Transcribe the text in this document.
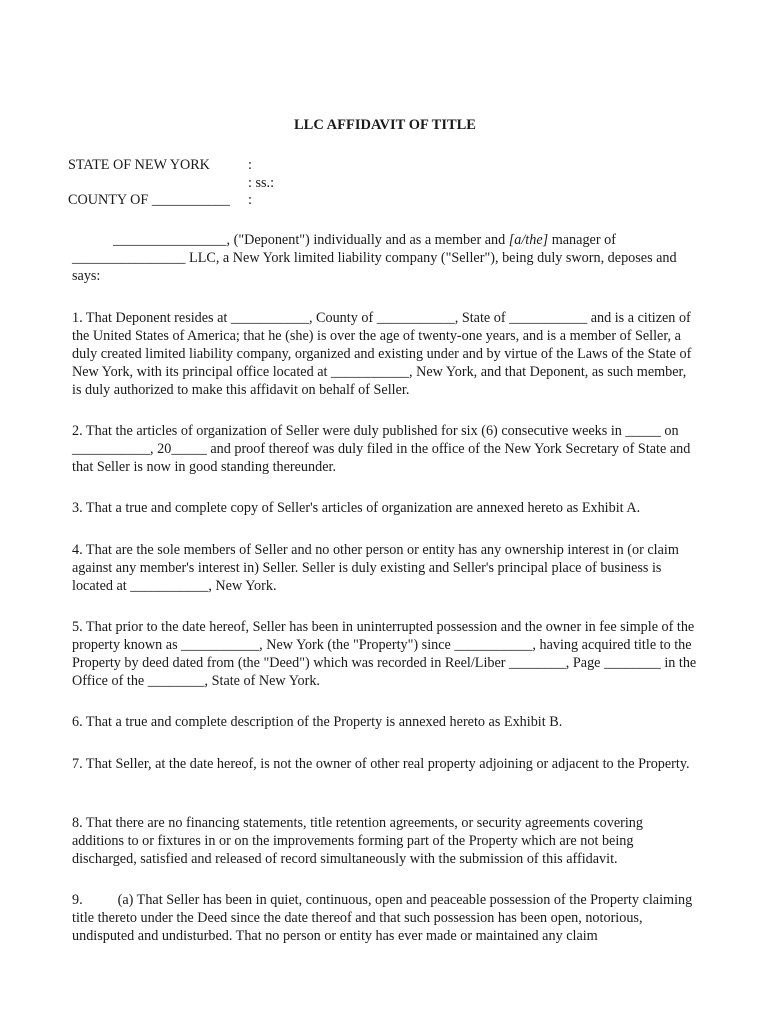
LLC AFFIDAVIT OF TITLE
STATE OF NEW YORK	:
: ss.:
COUNTY OF ___________ :

________________, ("Deponent") individually and as a member and [a/the] manager of ________________ LLC, a New York limited liability company ("Seller"), being duly sworn, deposes and says:

1. That Deponent resides at ___________, County of ___________, State of ___________ and is a citizen of the United States of America; that he (she) is over the age of twenty-one years, and is a member of Seller, a duly created limited liability company, organized and existing under and by virtue of the Laws of the State of New York, with its principal office located at ___________, New York, and that Deponent, as such member, is duly authorized to make this affidavit on behalf of Seller.

2. That the articles of organization of Seller were duly published for six (6) consecutive weeks in _____ on ___________, 20_____ and proof thereof was duly filed in the office of the New York Secretary of State and that Seller is now in good standing thereunder.

3. That a true and complete copy of Seller's articles of organization are annexed hereto as Exhibit A.

4. That are the sole members of Seller and no other person or entity has any ownership interest in (or claim against any member's interest in) Seller. Seller is duly existing and Seller's principal place of business is located at ___________, New York.

5. That prior to the date hereof, Seller has been in uninterrupted possession and the owner in fee simple of the property known as ___________, New York (the "Property") since ___________, having acquired title to the Property by deed dated from (the "Deed") which was recorded in Reel/Liber ________, Page ________ in the Office of the ________, State of New York.

6. That a true and complete description of the Property is annexed hereto as Exhibit B.

7. That Seller, at the date hereof, is not the owner of other real property adjoining or adjacent to the Property.

8. That there are no financing statements, title retention agreements, or security agreements covering additions to or fixtures in or on the improvements forming part of the Property which are not being discharged, satisfied and released of record simultaneously with the submission of this affidavit.

9. (a) That Seller has been in quiet, continuous, open and peaceable possession of the Property claiming title thereto under the Deed since the date thereof and that such possession has been open, notorious, undisputed and undisturbed. That no person or entity has ever made or maintained any claim
